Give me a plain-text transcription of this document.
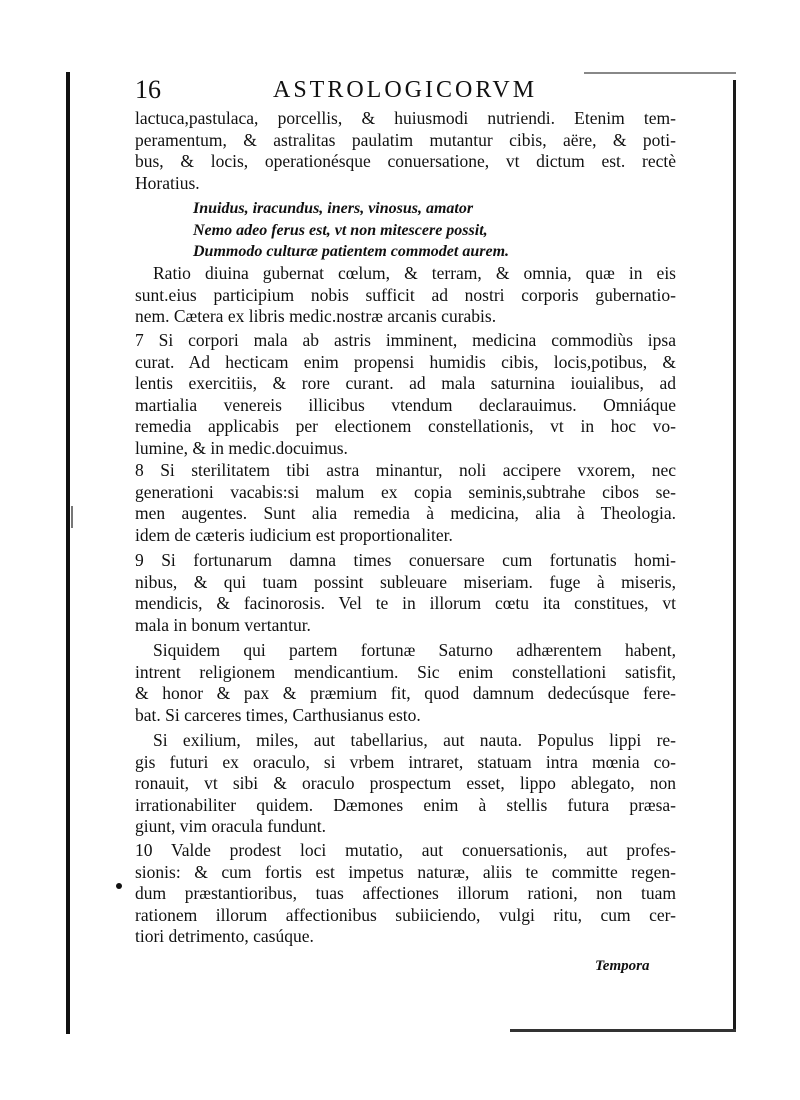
16	ASTROLOGICORVM
lactuca,pastulaca, porcellis, & huiusmodi nutriendi. Etenim tem-
peramentum, & astralitas paulatim mutantur cibis, aëre, & poti-
bus, & locis, operationésque conuersatione, vt dictum est. rectè
Horatius.
Inuidus, iracundus, iners, vinosus, amator
Nemo adeo ferus est, vt non mitescere possit,
Dummodo culturæ patientem commodet aurem.
Ratio diuina gubernat cœlum, & terram, & omnia, quæ in eis
sunt.eius participium nobis sufficit ad nostri corporis gubernatio-
nem. Cætera ex libris medic.nostræ arcanis curabis.
7 Si corpori mala ab astris imminent, medicina commodiùs ipsa
curat. Ad hecticam enim propensi humidis cibis, locis,potibus, &
lentis exercitiis, & rore curant. ad mala saturnina iouialibus, ad
martialia venereis illicibus vtendum declarauimus. Omniáque
remedia applicabis per electionem constellationis, vt in hoc vo-
lumine, & in medic.docuimus.
8 Si sterilitatem tibi astra minantur, noli accipere vxorem, nec
generationi vacabis:si malum ex copia seminis,subtrahe cibos se-
men augentes. Sunt alia remedia à medicina, alia à Theologia.
idem de cæteris iudicium est proportionaliter.
9 Si fortunarum damna times conuersare cum fortunatis homi-
nibus, & qui tuam possint subleuare miseriam. fuge à miseris,
mendicis, & facinorosis. Vel te in illorum cœtu ita constitues, vt
mala in bonum vertantur.
Siquidem qui partem fortunæ Saturno adhærentem habent,
intrent religionem mendicantium. Sic enim constellationi satisfit,
& honor & pax & præmium fit, quod damnum dedecúsque fere-
bat. Si carceres times, Carthusianus esto.
Si exilium, miles, aut tabellarius, aut nauta. Populus lippi re-
gis futuri ex oraculo, si vrbem intraret, statuam intra mœnia co-
ronauit, vt sibi & oraculo prospectum esset, lippo ablegato, non
irrationabiliter quidem. Dæmones enim à stellis futura præsa-
giunt, vim oracula fundunt.
10 Valde prodest loci mutatio, aut conuersationis, aut profes-
sionis: & cum fortis est impetus naturæ, aliis te committe regen-
dum præstantioribus, tuas affectiones illorum rationi, non tuam
rationem illorum affectionibus subiiciendo, vulgi ritu, cum cer-
tiori detrimento, casúque.
Tempora
